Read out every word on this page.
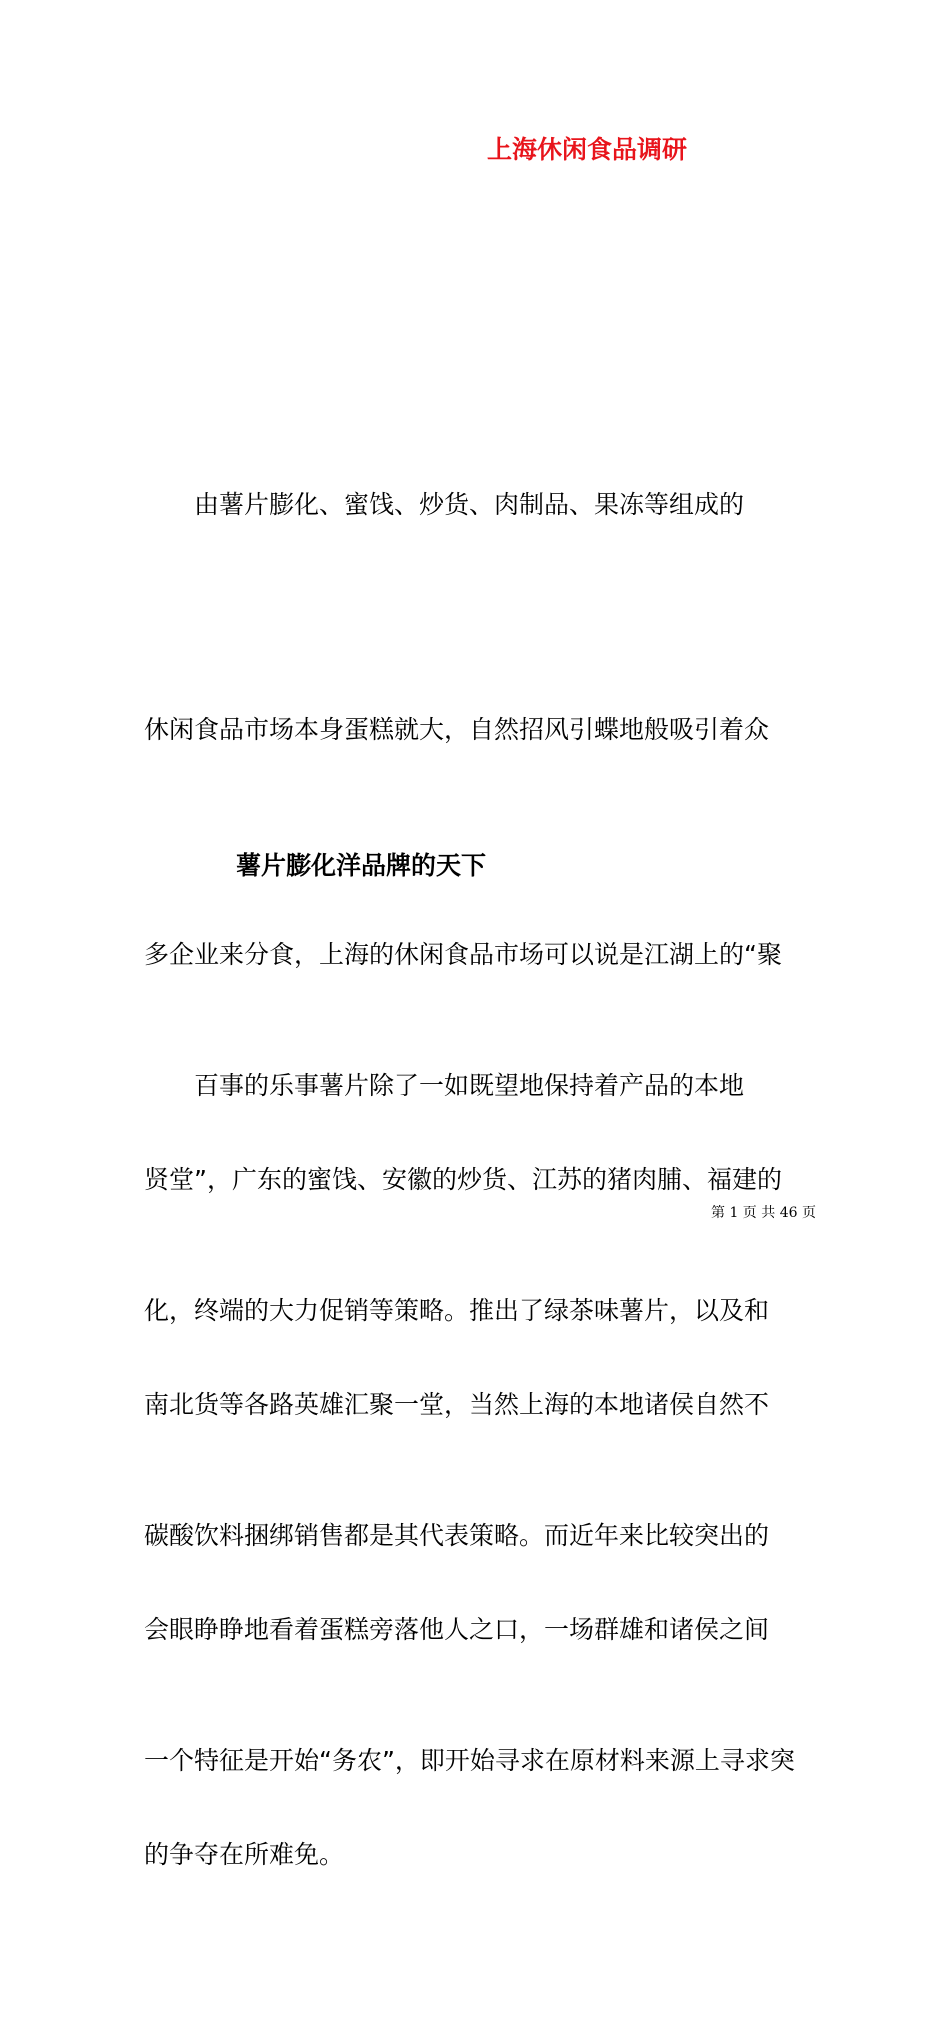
上海休闲食品调研

　　由薯片膨化、蜜饯、炒货、肉制品、果冻等组成的

休闲食品市场本身蛋糕就大，自然招风引蝶地般吸引着众

多企业来分食，上海的休闲食品市场可以说是江湖上的“聚

贤堂”，广东的蜜饯、安徽的炒货、江苏的猪肉脯、福建的

南北货等各路英雄汇聚一堂，当然上海的本地诸侯自然不

会眼睁睁地看着蛋糕旁落他人之口，一场群雄和诸侯之间

的争夺在所难免。

薯片膨化洋品牌的天下

　　百事的乐事薯片除了一如既望地保持着产品的本地

化，终端的大力促销等策略。推出了绿茶味薯片，以及和

碳酸饮料捆绑销售都是其代表策略。而近年来比较突出的

一个特征是开始“务农”，即开始寻求在原材料来源上寻求突

第 1 页 共 46 页
